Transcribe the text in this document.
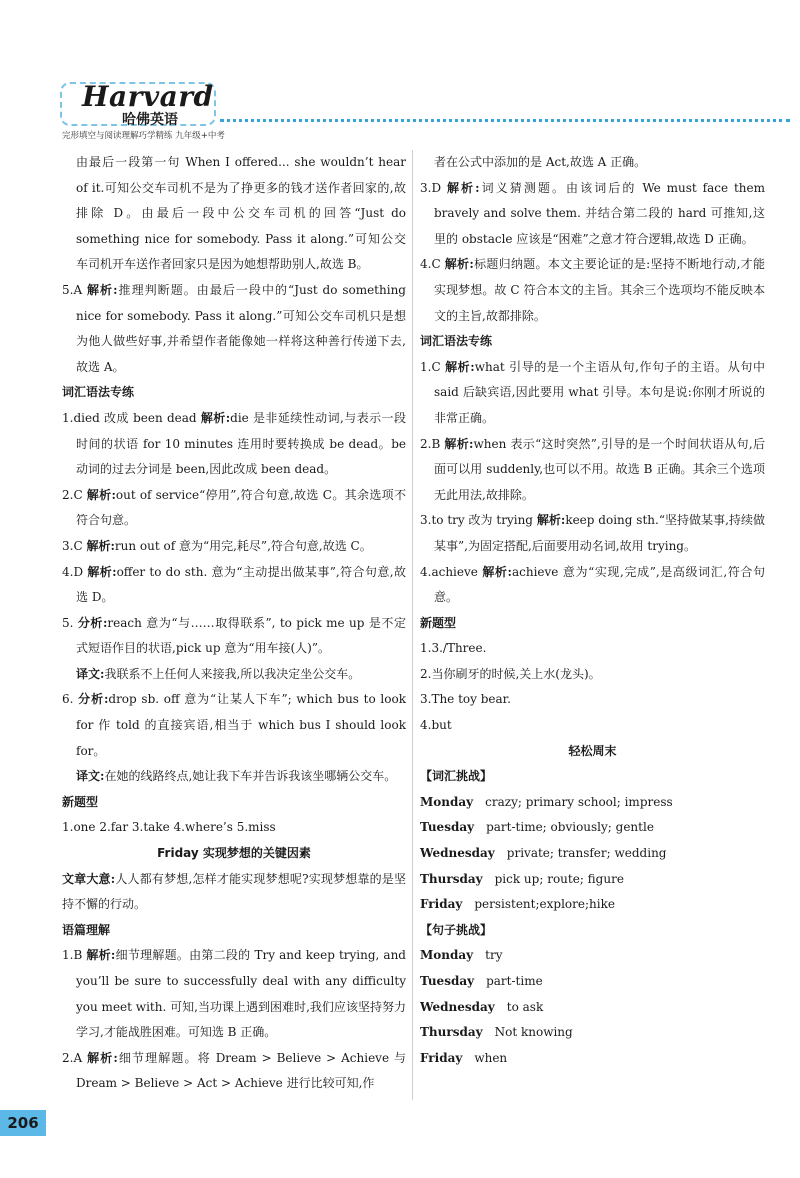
Harvard
哈佛英语
完形填空与阅读理解巧学精练 九年级+中考

由最后一段第一句 When I offered... she wouldn’t hear of it.可知公交车司机不是为了挣更多的钱才送作者回家的,故排除 D。由最后一段中公交车司机的回答“Just do something nice for somebody. Pass it along.”可知公交车司机开车送作者回家只是因为她想帮助别人,故选 B。

5.A 解析:推理判断题。由最后一段中的“Just do something nice for somebody. Pass it along.”可知公交车司机只是想为他人做些好事,并希望作者能像她一样将这种善行传递下去,故选 A。

词汇语法专练

1.died 改成 been dead 解析:die 是非延续性动词,与表示一段时间的状语 for 10 minutes 连用时要转换成 be dead。be 动词的过去分词是 been,因此改成 been dead。

2.C 解析:out of service“停用”,符合句意,故选 C。其余选项不符合句意。

3.C 解析:run out of 意为“用完,耗尽”,符合句意,故选 C。

4.D 解析:offer to do sth. 意为“主动提出做某事”,符合句意,故选 D。

5. 分析:reach 意为“与……取得联系”, to pick me up 是不定式短语作目的状语,pick up 意为“用车接(人)”。

译文:我联系不上任何人来接我,所以我决定坐公交车。

6. 分析:drop sb. off 意为“让某人下车”; which bus to look for 作 told 的直接宾语,相当于 which bus I should look for。

译文:在她的线路终点,她让我下车并告诉我该坐哪辆公交车。

新题型

1.one 2.far 3.take 4.where’s 5.miss

Friday 实现梦想的关键因素

文章大意:人人都有梦想,怎样才能实现梦想呢?实现梦想靠的是坚持不懈的行动。

语篇理解

1.B 解析:细节理解题。由第二段的 Try and keep trying, and you’ll be sure to successfully deal with any difficulty you meet with. 可知,当功课上遇到困难时,我们应该坚持努力学习,才能战胜困难。可知选 B 正确。

2.A 解析:细节理解题。将 Dream > Believe > Achieve 与 Dream > Believe > Act > Achieve 进行比较可知,作

者在公式中添加的是 Act,故选 A 正确。

3.D 解析:词义猜测题。由该词后的 We must face them bravely and solve them. 并结合第二段的 hard 可推知,这里的 obstacle 应该是“困难”之意才符合逻辑,故选 D 正确。

4.C 解析:标题归纳题。本文主要论证的是:坚持不断地行动,才能实现梦想。故 C 符合本文的主旨。其余三个选项均不能反映本文的主旨,故都排除。

词汇语法专练

1.C 解析:what 引导的是一个主语从句,作句子的主语。从句中 said 后缺宾语,因此要用 what 引导。本句是说:你刚才所说的非常正确。

2.B 解析:when 表示“这时突然”,引导的是一个时间状语从句,后面可以用 suddenly,也可以不用。故选 B 正确。其余三个选项无此用法,故排除。

3.to try 改为 trying 解析:keep doing sth.“坚持做某事,持续做某事”,为固定搭配,后面要用动名词,故用 trying。

4.achieve 解析:achieve 意为“实现,完成”,是高级词汇,符合句意。

新题型

1.3./Three.

2.当你刷牙的时候,关上水(龙头)。

3.The toy bear.

4.but

轻松周末

【词汇挑战】

Monday crazy; primary school; impress

Tuesday part-time; obviously; gentle

Wednesday private; transfer; wedding

Thursday pick up; route; figure

Friday persistent;explore;hike

【句子挑战】

Monday try

Tuesday part-time

Wednesday to ask

Thursday Not knowing

Friday when

206
